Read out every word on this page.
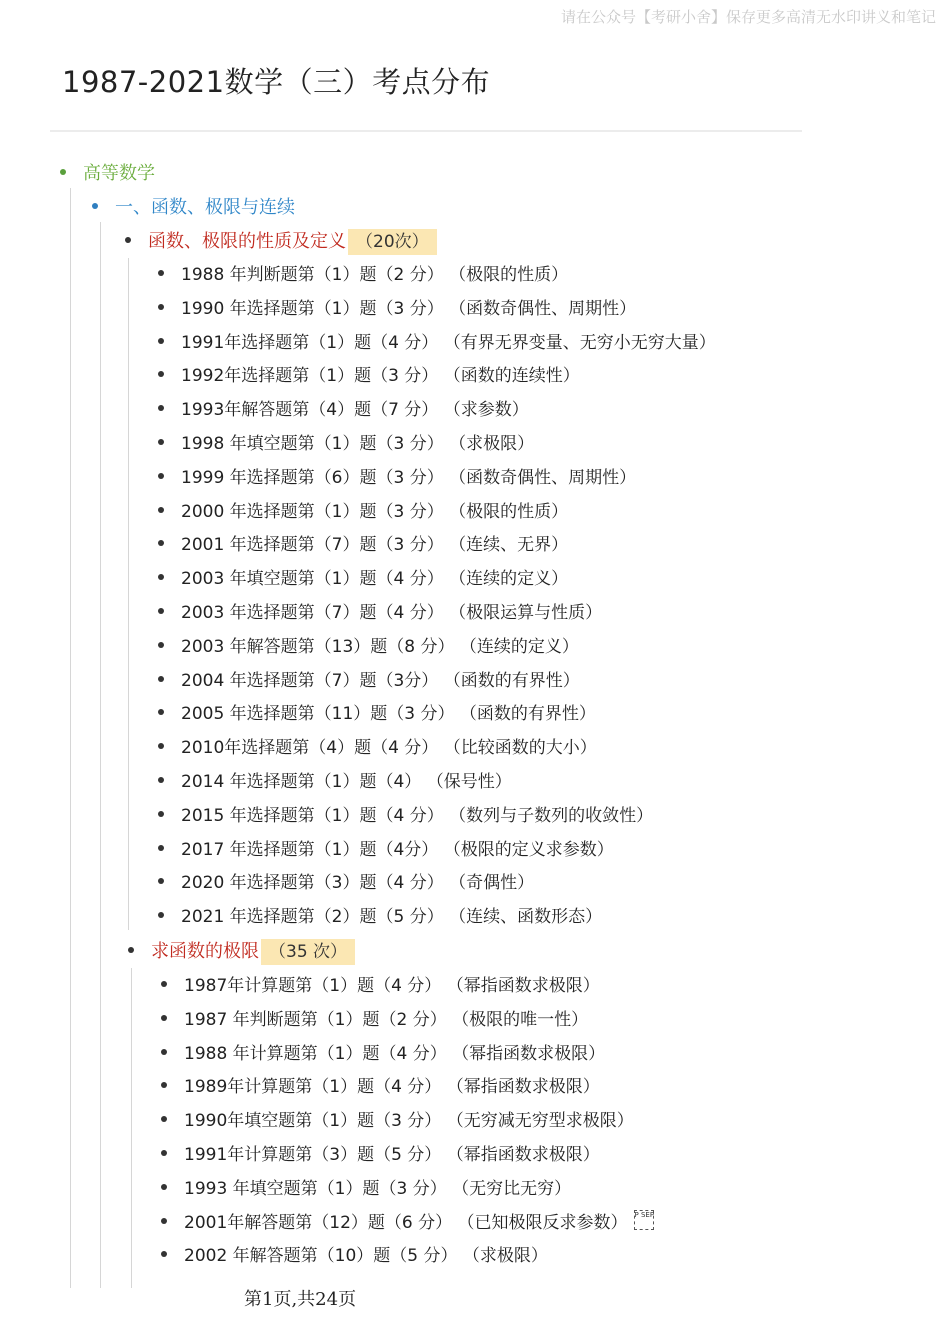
请在公众号【考研小舍】保存更多高清无水印讲义和笔记
1987-2021数学（三）考点分布
高等数学
一、函数、极限与连续
函数、极限的性质及定义 （20次）
1988 年判断题第（1）题（2 分） （极限的性质）
1990 年选择题第（1）题（3 分） （函数奇偶性、周期性）
1991年选择题第（1）题（4 分） （有界无界变量、无穷小无穷大量）
1992年选择题第（1）题（3 分） （函数的连续性）
1993年解答题第（4）题（7 分） （求参数）
1998 年填空题第（1）题（3 分） （求极限）
1999 年选择题第（6）题（3 分） （函数奇偶性、周期性）
2000 年选择题第（1）题（3 分） （极限的性质）
2001 年选择题第（7）题（3 分） （连续、无界）
2003 年填空题第（1）题（4 分） （连续的定义）
2003 年选择题第（7）题（4 分） （极限运算与性质）
2003 年解答题第（13）题（8 分） （连续的定义）
2004 年选择题第（7）题（3分） （函数的有界性）
2005 年选择题第（11）题（3 分） （函数的有界性）
2010年选择题第（4）题（4 分） （比较函数的大小）
2014 年选择题第（1）题（4） （保号性）
2015 年选择题第（1）题（4 分） （数列与子数列的收敛性）
2017 年选择题第（1）题（4分） （极限的定义求参数）
2020 年选择题第（3）题（4 分） （奇偶性）
2021 年选择题第（2）题（5 分） （连续、函数形态）
求函数的极限 （35 次）
1987年计算题第（1）题（4 分） （幂指函数求极限）
1987 年判断题第（1）题（2 分） （极限的唯一性）
1988 年计算题第（1）题（4 分） （幂指函数求极限）
1989年计算题第（1）题（4 分） （幂指函数求极限）
1990年填空题第（1）题（3 分） （无穷减无穷型求极限）
1991年计算题第（3）题（5 分） （幂指函数求极限）
1993 年填空题第（1）题（3 分） （无穷比无穷）
2001年解答题第（12）题（6 分） （已知极限反求参数） P SEP
2002 年解答题第（10）题（5 分） （求极限）
第1页,共24页
